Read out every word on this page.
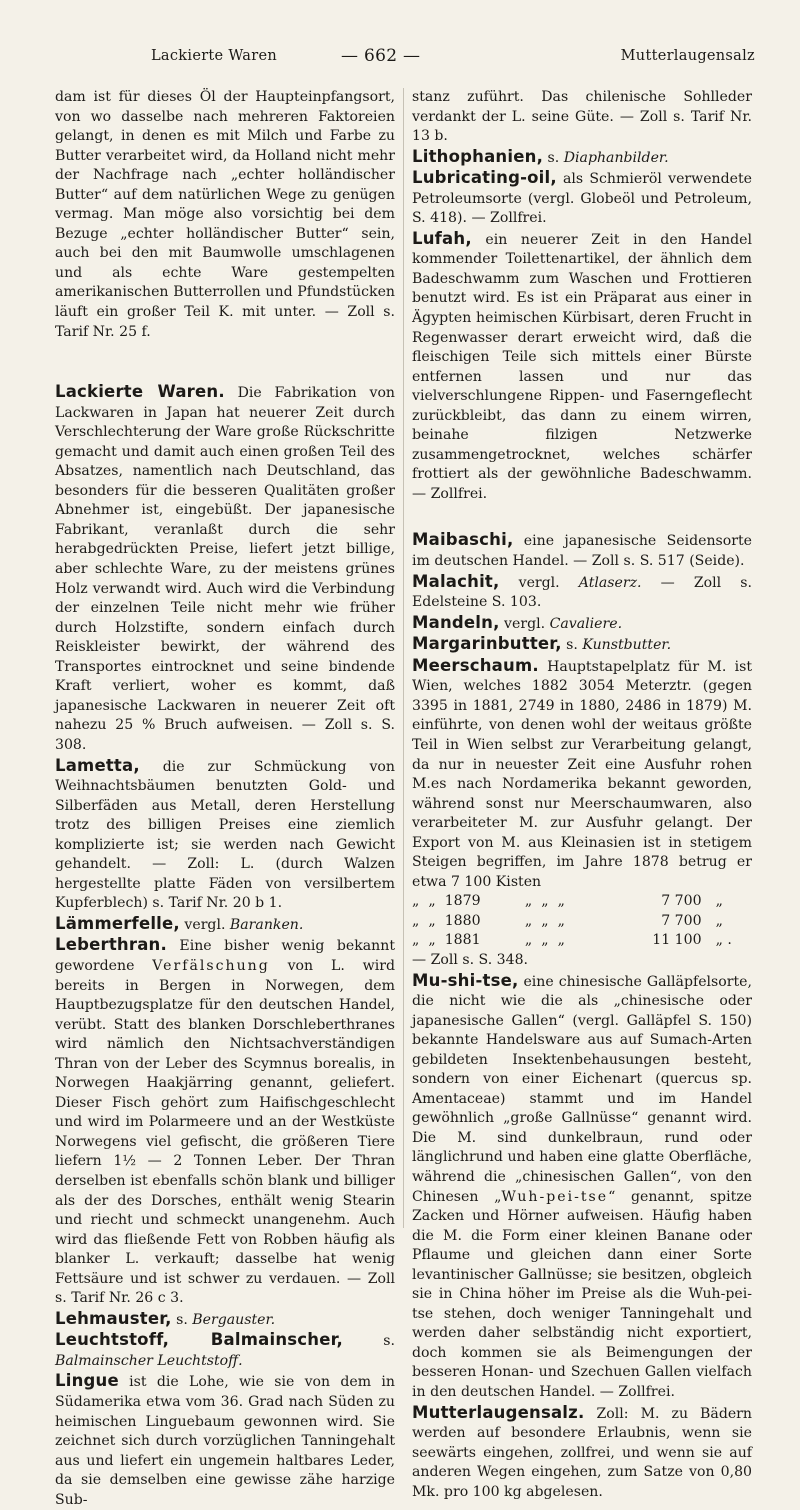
Lackierte Waren	— 662 —	Mutterlaugensalz

dam ist für dieses Öl der Haupteinpfangsort, von wo dasselbe nach mehreren Faktoreien gelangt, in denen es mit Milch und Farbe zu Butter verarbeitet wird, da Holland nicht mehr der Nachfrage nach „echter holländischer Butter“ auf dem natürlichen Wege zu genügen vermag. Man möge also vorsichtig bei dem Bezuge „echter holländischer Butter“ sein, auch bei den mit Baumwolle umschlagenen und als echte Ware gestempelten amerikanischen Butterrollen und Pfundstücken läuft ein großer Teil K. mit unter. — Zoll s. Tarif Nr. 25 f.

Lackierte Waren. Die Fabrikation von Lackwaren in Japan hat neuerer Zeit durch Verschlechterung der Ware große Rückschritte gemacht und damit auch einen großen Teil des Absatzes, namentlich nach Deutschland, das besonders für die besseren Qualitäten großer Abnehmer ist, eingebüßt. Der japanesische Fabrikant, veranlaßt durch die sehr herabgedrückten Preise, liefert jetzt billige, aber schlechte Ware, zu der meistens grünes Holz verwandt wird. Auch wird die Verbindung der einzelnen Teile nicht mehr wie früher durch Holzstifte, sondern einfach durch Reiskleister bewirkt, der während des Transportes eintrocknet und seine bindende Kraft verliert, woher es kommt, daß japanesische Lackwaren in neuerer Zeit oft nahezu 25 % Bruch aufweisen. — Zoll s. S. 308.

Lametta, die zur Schmückung von Weihnachtsbäumen benutzten Gold- und Silberfäden aus Metall, deren Herstellung trotz des billigen Preises eine ziemlich komplizierte ist; sie werden nach Gewicht gehandelt. — Zoll: L. (durch Walzen hergestellte platte Fäden von versilbertem Kupferblech) s. Tarif Nr. 20 b 1.

Lämmerfelle, vergl. Baranken.

Leberthran. Eine bisher wenig bekannt gewordene Verfälschung von L. wird bereits in Bergen in Norwegen, dem Hauptbezugsplatze für den deutschen Handel, verübt. Statt des blanken Dorschleberthranes wird nämlich den Nichtsachverständigen Thran von der Leber des Scymnus borealis, in Norwegen Haakjärring genannt, geliefert. Dieser Fisch gehört zum Haifischgeschlecht und wird im Polarmeere und an der Westküste Norwegens viel gefischt, die größeren Tiere liefern 1½ — 2 Tonnen Leber. Der Thran derselben ist ebenfalls schön blank und billiger als der des Dorsches, enthält wenig Stearin und riecht und schmeckt unangenehm. Auch wird das fließende Fett von Robben häufig als blanker L. verkauft; dasselbe hat wenig Fettsäure und ist schwer zu verdauen. — Zoll s. Tarif Nr. 26 c 3.

Lehmauster, s. Bergauster.

Leuchtstoff, Balmainscher, s. Balmainscher Leuchtstoff.

Lingue ist die Lohe, wie sie von dem in Südamerika etwa vom 36. Grad nach Süden zu heimischen Linguebaum gewonnen wird. Sie zeichnet sich durch vorzüglichen Tanningehalt aus und liefert ein ungemein haltbares Leder, da sie demselben eine gewisse zähe harzige Sub-

stanz zuführt. Das chilenische Sohlleder verdankt der L. seine Güte. — Zoll s. Tarif Nr. 13 b.

Lithophanien, s. Diaphanbilder.

Lubricating-oil, als Schmieröl verwendete Petroleumsorte (vergl. Globeöl und Petroleum, S. 418). — Zollfrei.

Lufah, ein neuerer Zeit in den Handel kommender Toilettenartikel, der ähnlich dem Badeschwamm zum Waschen und Frottieren benutzt wird. Es ist ein Präparat aus einer in Ägypten heimischen Kürbisart, deren Frucht in Regenwasser derart erweicht wird, daß die fleischigen Teile sich mittels einer Bürste entfernen lassen und nur das vielverschlungene Rippen- und Faserngeflecht zurückbleibt, das dann zu einem wirren, beinahe filzigen Netzwerke zusammengetrocknet, welches schärfer frottiert als der gewöhnliche Badeschwamm. — Zollfrei.

Maibaschi, eine japanesische Seidensorte im deutschen Handel. — Zoll s. S. 517 (Seide).

Malachit, vergl. Atlaserz. — Zoll s. Edelsteine S. 103.

Mandeln, vergl. Cavaliere.

Margarinbutter, s. Kunstbutter.

Meerschaum. Hauptstapelplatz für M. ist Wien, welches 1882 3054 Meterztr. (gegen 3395 in 1881, 2749 in 1880, 2486 in 1879) M. einführte, von denen wohl der weitaus größte Teil in Wien selbst zur Verarbeitung gelangt, da nur in neuester Zeit eine Ausfuhr rohen M.es nach Nordamerika bekannt geworden, während sonst nur Meerschaumwaren, also verarbeiteter M. zur Ausfuhr gelangt. Der Export von M. aus Kleinasien ist in stetigem Steigen begriffen, im Jahre 1878 betrug er etwa 7 100 Kisten

„	„	1879	„	„	„	7 700	„
„	„	1880	„	„	„	7 700	„
„	„	1881	„	„	„	11 100	„ .

— Zoll s. S. 348.

Mu-shi-tse, eine chinesische Galläpfelsorte, die nicht wie die als „chinesische oder japanesische Gallen“ (vergl. Galläpfel S. 150) bekannte Handelsware aus auf Sumach-Arten gebildeten Insektenbehausungen besteht, sondern von einer Eichenart (quercus sp. Amentaceae) stammt und im Handel gewöhnlich „große Gallnüsse“ genannt wird. Die M. sind dunkelbraun, rund oder länglichrund und haben eine glatte Oberfläche, während die „chinesischen Gallen“, von den Chinesen „Wuh-pei-tse“ genannt, spitze Zacken und Hörner aufweisen. Häufig haben die M. die Form einer kleinen Banane oder Pflaume und gleichen dann einer Sorte levantinischer Gallnüsse; sie besitzen, obgleich sie in China höher im Preise als die Wuh-pei-tse stehen, doch weniger Tanningehalt und werden daher selbständig nicht exportiert, doch kommen sie als Beimengungen der besseren Honan- und Szechuen Gallen vielfach in den deutschen Handel. — Zollfrei.

Mutterlaugensalz. Zoll: M. zu Bädern werden auf besondere Erlaubnis, wenn sie seewärts eingehen, zollfrei, und wenn sie auf anderen Wegen eingehen, zum Satze von 0,80 Mk. pro 100 kg abgelesen.
